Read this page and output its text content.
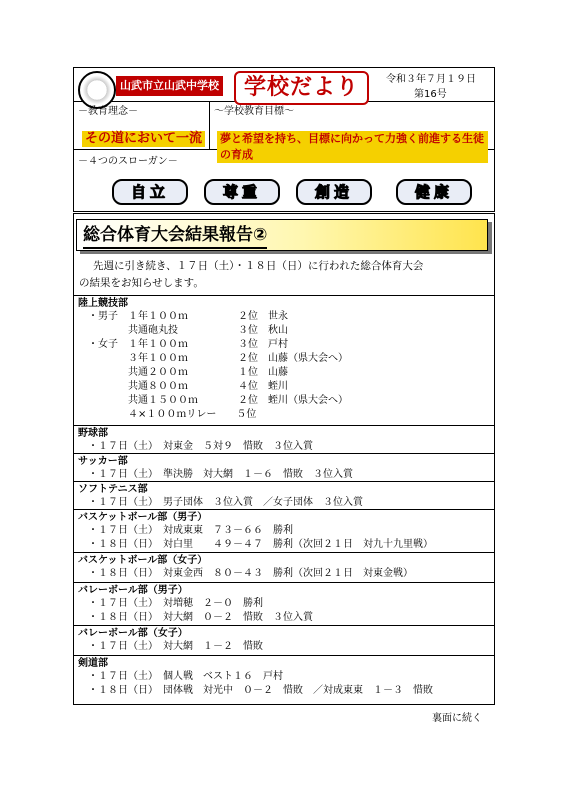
山武市立山武中学校	学校だより	令和３年７月１９日
第16号
－教育理念－
その道において一流
～学校教育目標～
夢と希望を持ち、目標に向かって力強く前進する生徒の育成
－４つのスローガン－
自立	尊重	創造	健康
総合体育大会結果報告②

先週に引き続き、１７日（土）・１８日（日）に行われた総合体育大会

の結果をお知らせします。

陸上競技部
・男子　１年１００ｍ　　　　　２位　世永
　　　　共通砲丸投　　　　　　３位　秋山
・女子　１年１００ｍ　　　　　３位　戸村
　　　　３年１００ｍ　　　　　２位　山藤（県大会へ）
　　　　共通２００ｍ　　　　　１位　山藤
　　　　共通８００ｍ　　　　　４位　蛭川
　　　　共通１５００ｍ　　　　２位　蛭川（県大会へ）
　　　　４×１００ｍリレー　　５位
野球部
・１７日（土）　対東金　５対９　惜敗　３位入賞
サッカー部
・１７日（土）　準決勝　対大網　１－６　惜敗　３位入賞
ソフトテニス部
・１７日（土）　男子団体　３位入賞　／女子団体　３位入賞
バスケットボール部（男子）
・１７日（土）　対成東東　７３－６６　勝利
・１８日（日）　対白里　　４９－４７　勝利（次回２１日　対九十九里戦）
バスケットボール部（女子）
・１８日（日）　対東金西　８０－４３　勝利（次回２１日　対東金戦）
バレーボール部（男子）
・１７日（土）　対増穂　２－０　勝利
・１８日（日）　対大網　０－２　惜敗　３位入賞
バレーボール部（女子）
・１７日（土）　対大網　１－２　惜敗
剣道部
・１７日（土）　個人戦　ベスト１６　戸村
・１８日（日）　団体戦　対光中　０－２　惜敗　／対成東東　１－３　惜敗
裏面に続く
